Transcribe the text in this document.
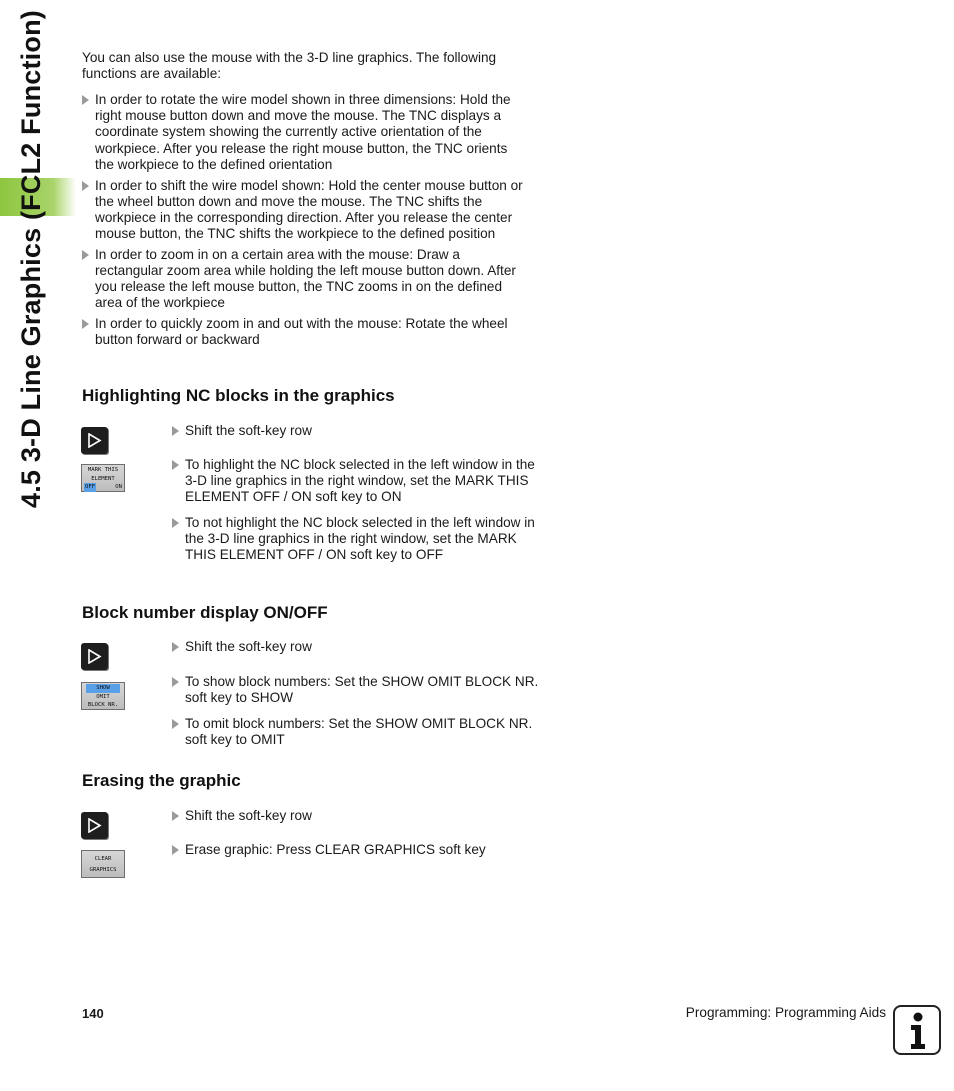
4.5 3-D Line Graphics (FCL2 Function)	You can also use the mouse with the 3-D line graphics. The following functions are available:

In order to rotate the wire model shown in three dimensions: Hold the right mouse button down and move the mouse. The TNC displays a coordinate system showing the currently active orientation of the workpiece. After you release the right mouse button, the TNC orients the workpiece to the defined orientation
In order to shift the wire model shown: Hold the center mouse button or the wheel button down and move the mouse. The TNC shifts the workpiece in the corresponding direction. After you release the center mouse button, the TNC shifts the workpiece to the defined position
In order to zoom in on a certain area with the mouse: Draw a rectangular zoom area while holding the left mouse button down. After you release the left mouse button, the TNC zooms in on the defined area of the workpiece
In order to quickly zoom in and out with the mouse: Rotate the wheel button forward or backward
Highlighting NC blocks in the graphics
Shift the soft-key row
MARK THIS
ELEMENT
OFF	ON
To highlight the NC block selected in the left window in the 3-D line graphics in the right window, set the MARK THIS ELEMENT OFF / ON soft key to ON
To not highlight the NC block selected in the left window in the 3-D line graphics in the right window, set the MARK THIS ELEMENT OFF / ON soft key to OFF
Block number display ON/OFF
Shift the soft-key row
SHOW
OMIT
BLOCK NR.
To show block numbers: Set the SHOW OMIT BLOCK NR. soft key to SHOW
To omit block numbers: Set the SHOW OMIT BLOCK NR. soft key to OMIT
Erasing the graphic
Shift the soft-key row
CLEAR
GRAPHICS
Erase graphic: Press CLEAR GRAPHICS soft key
140	Programming: Programming Aids
